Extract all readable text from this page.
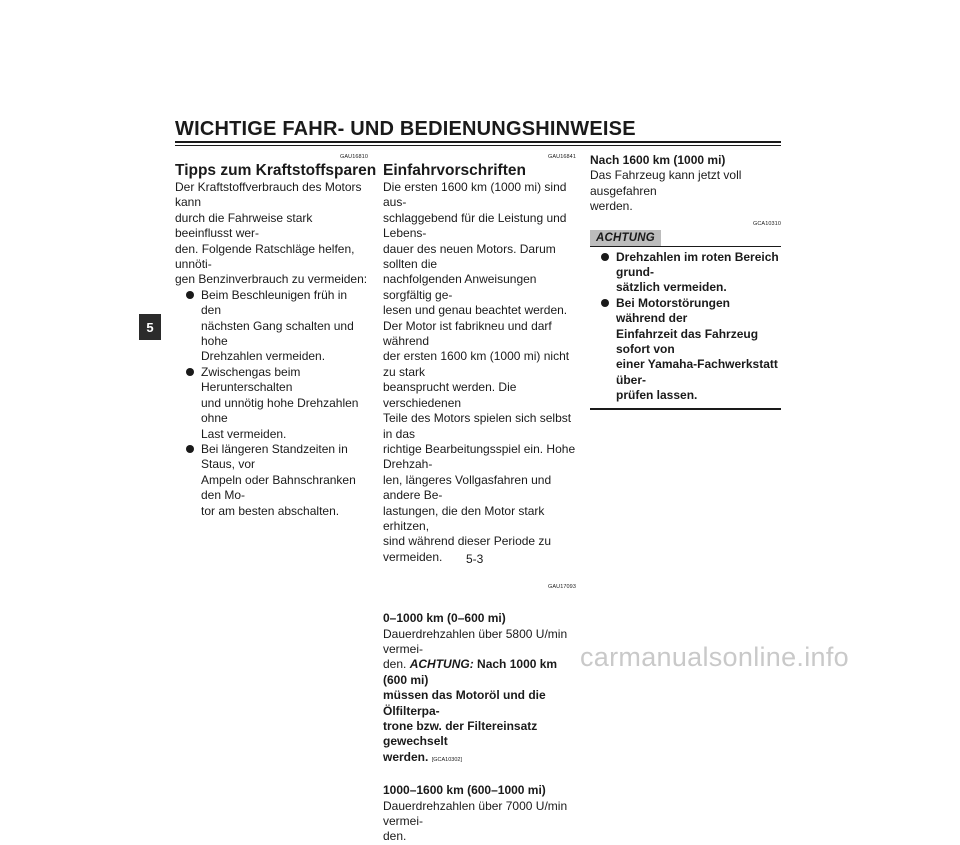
WICHTIGE FAHR- UND BEDIENUNGSHINWEISE
5
GAU16810
Tipps zum Kraftstoffsparen

Der Kraftstoffverbrauch des Motors kann
durch die Fahrweise stark beeinflusst wer-
den. Folgende Ratschläge helfen, unnöti-
gen Benzinverbrauch zu vermeiden:

Beim Beschleunigen früh in den
nächsten Gang schalten und hohe
Drehzahlen vermeiden.
Zwischengas beim Herunterschalten
und unnötig hohe Drehzahlen ohne
Last vermeiden.
Bei längeren Standzeiten in Staus, vor
Ampeln oder Bahnschranken den Mo-
tor am besten abschalten.
GAU16841
Einfahrvorschriften

Die ersten 1600 km (1000 mi) sind aus-
schlaggebend für die Leistung und Lebens-
dauer des neuen Motors. Darum sollten die
nachfolgenden Anweisungen sorgfältig ge-
lesen und genau beachtet werden.

Der Motor ist fabrikneu und darf während
der ersten 1600 km (1000 mi) nicht zu stark
beansprucht werden. Die verschiedenen
Teile des Motors spielen sich selbst in das
richtige Bearbeitungsspiel ein. Hohe Drehzah-
len, längeres Vollgasfahren und andere Be-
lastungen, die den Motor stark erhitzen,
sind während dieser Periode zu vermeiden.

GAU17093
0–1000 km (0–600 mi)

Dauerdrehzahlen über 5800 U/min vermei-
den. ACHTUNG: Nach 1000 km (600 mi)
müssen das Motoröl und die Ölfilterpa-
trone bzw. der Filtereinsatz gewechselt
werden. [GCA10302]

1000–1600 km (600–1000 mi)

Dauerdrehzahlen über 7000 U/min vermei-
den.

Nach 1600 km (1000 mi)

Das Fahrzeug kann jetzt voll ausgefahren
werden.

GCA10310
ACHTUNG
Drehzahlen im roten Bereich grund-
sätzlich vermeiden.
Bei Motorstörungen während der
Einfahrzeit das Fahrzeug sofort von
einer Yamaha-Fachwerkstatt über-
prüfen lassen.
5-3
carmanualsonline.info
